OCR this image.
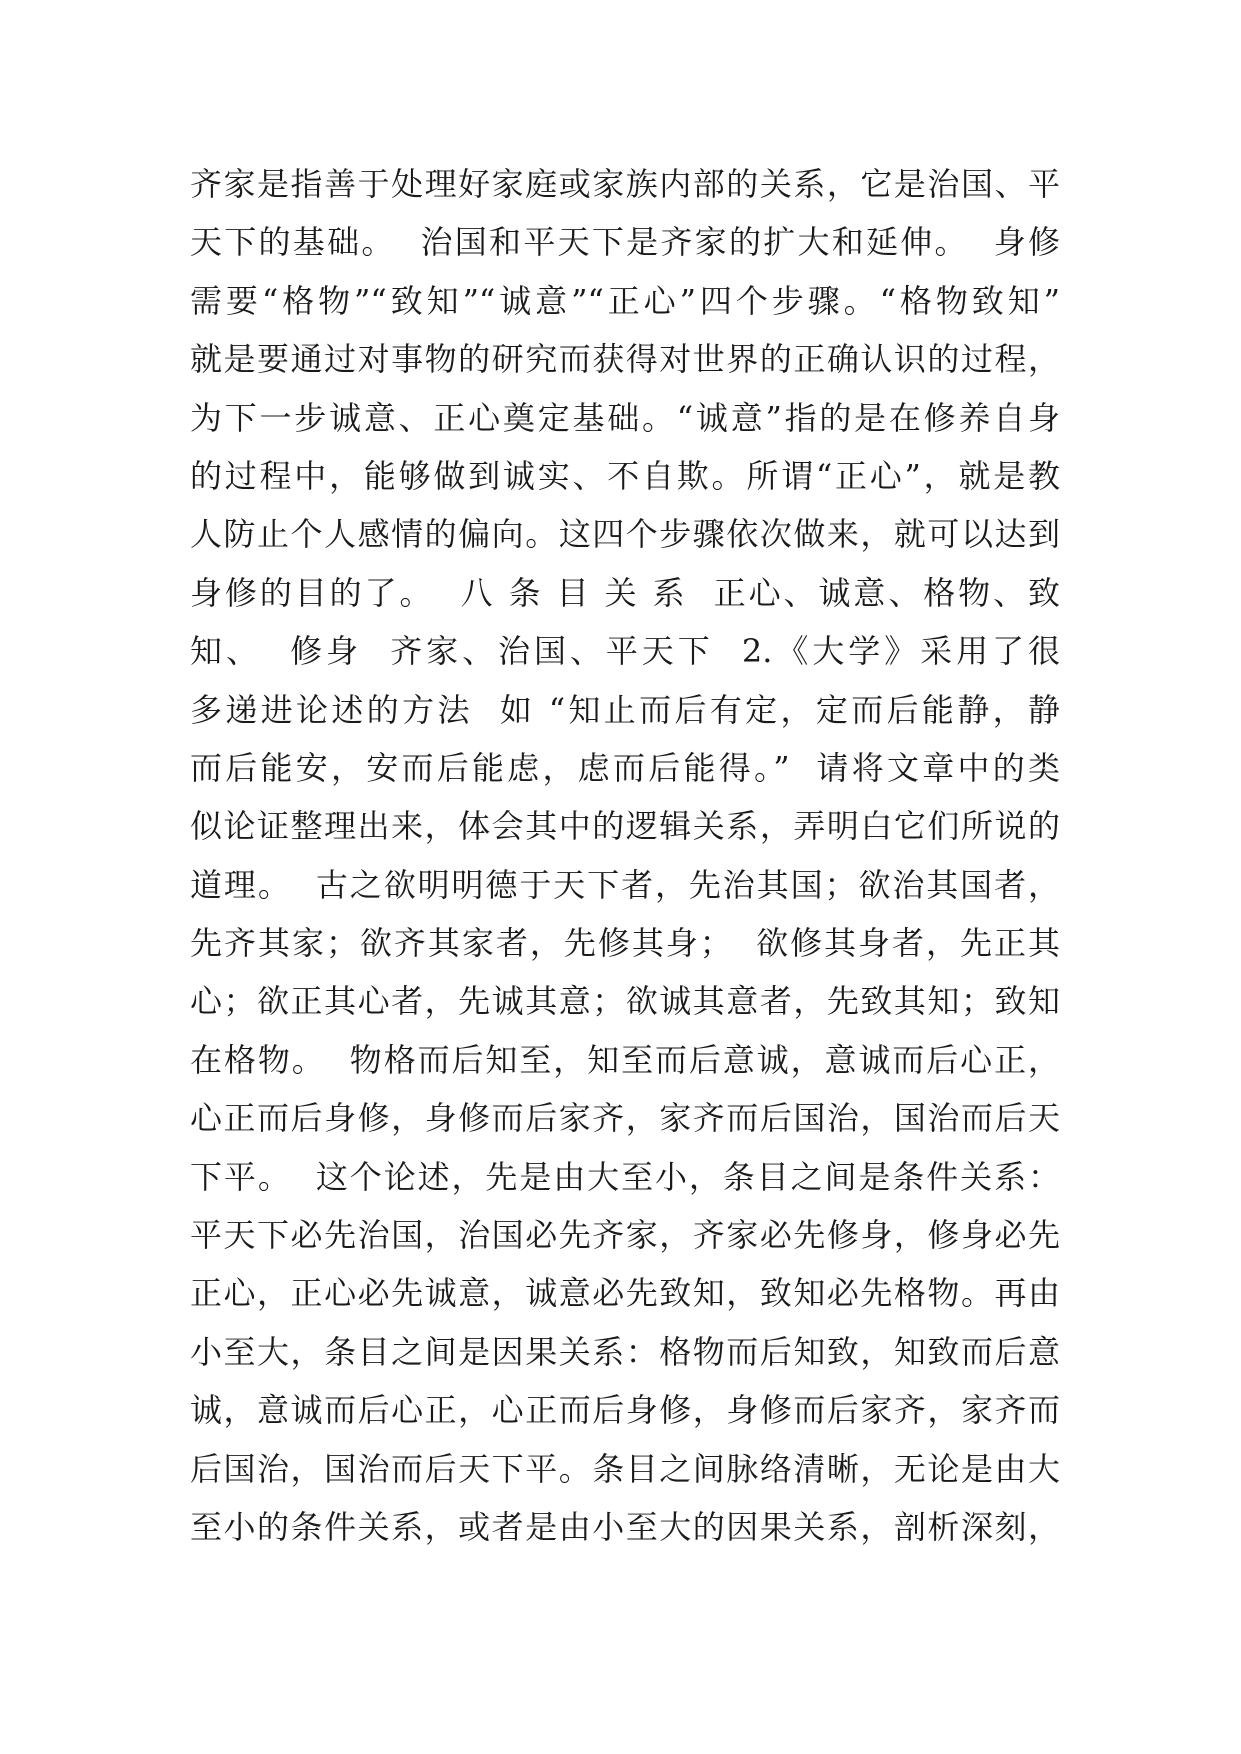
齐家是指善于处理好家庭或家族内部的关系，它是治国、平
天下的基础。  治国和平天下是齐家的扩大和延伸。  身修
需要“格物”“致知”“诚意”“正心”四个步骤。“格物致知”
就是要通过对事物的研究而获得对世界的正确认识的过程，
为下一步诚意、正心奠定基础。“诚意”指的是在修养自身
的过程中，能够做到诚实、不自欺。所谓“正心”，就是教
人防止个人感情的偏向。这四个步骤依次做来，就可以达到
身修的目的了。  八 条 目 关 系  正心、诚意、格物、致
知、  修身  齐家、治国、平天下  2.《大学》采用了很
多递进论述的方法  如 “知止而后有定，定而后能静，静
而后能安，安而后能虑，虑而后能得。”  请将文章中的类
似论证整理出来，体会其中的逻辑关系，弄明白它们所说的
道理。  古之欲明明德于天下者，先治其国；欲治其国者，
先齐其家；欲齐其家者，先修其身；  欲修其身者，先正其
心；欲正其心者，先诚其意；欲诚其意者，先致其知；致知
在格物。  物格而后知至，知至而后意诚，意诚而后心正，
心正而后身修，身修而后家齐，家齐而后国治，国治而后天
下平。  这个论述，先是由大至小，条目之间是条件关系：
平天下必先治国，治国必先齐家，齐家必先修身，修身必先
正心，正心必先诚意，诚意必先致知，致知必先格物。再由
小至大，条目之间是因果关系：格物而后知致，知致而后意
诚，意诚而后心正，心正而后身修，身修而后家齐，家齐而
后国治，国治而后天下平。条目之间脉络清晰，无论是由大
至小的条件关系，或者是由小至大的因果关系，剖析深刻，
